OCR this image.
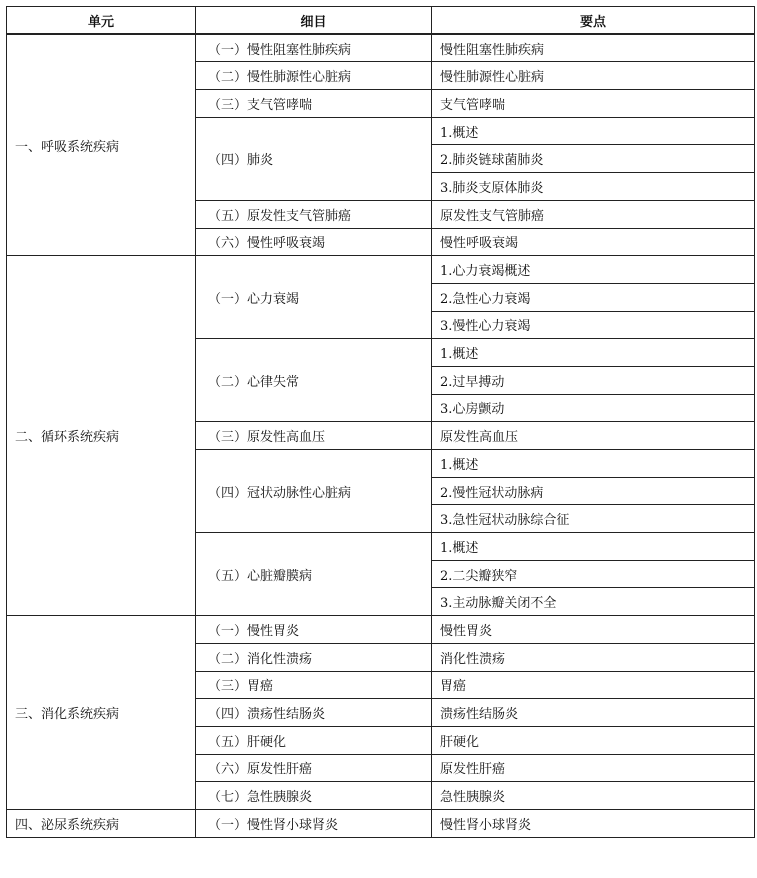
单元	细目	要点
一、呼吸系统疾病	（一）慢性阻塞性肺疾病	慢性阻塞性肺疾病
	（二）慢性肺源性心脏病	慢性肺源性心脏病
	（三）支气管哮喘	支气管哮喘
	（四）肺炎	1.概述
		2.肺炎链球菌肺炎
		3.肺炎支原体肺炎
	（五）原发性支气管肺癌	原发性支气管肺癌
	（六）慢性呼吸衰竭	慢性呼吸衰竭
二、循环系统疾病	（一）心力衰竭	1.心力衰竭概述
		2.急性心力衰竭
		3.慢性心力衰竭
	（二）心律失常	1.概述
		2.过早搏动
		3.心房颤动
	（三）原发性高血压	原发性高血压
	（四）冠状动脉性心脏病	1.概述
		2.慢性冠状动脉病
		3.急性冠状动脉综合征
	（五）心脏瓣膜病	1.概述
		2.二尖瓣狭窄
		3.主动脉瓣关闭不全
三、消化系统疾病	（一）慢性胃炎	慢性胃炎
	（二）消化性溃疡	消化性溃疡
	（三）胃癌	胃癌
	（四）溃疡性结肠炎	溃疡性结肠炎
	（五）肝硬化	肝硬化
	（六）原发性肝癌	原发性肝癌
	（七）急性胰腺炎	急性胰腺炎
四、泌尿系统疾病	（一）慢性肾小球肾炎	慢性肾小球肾炎
